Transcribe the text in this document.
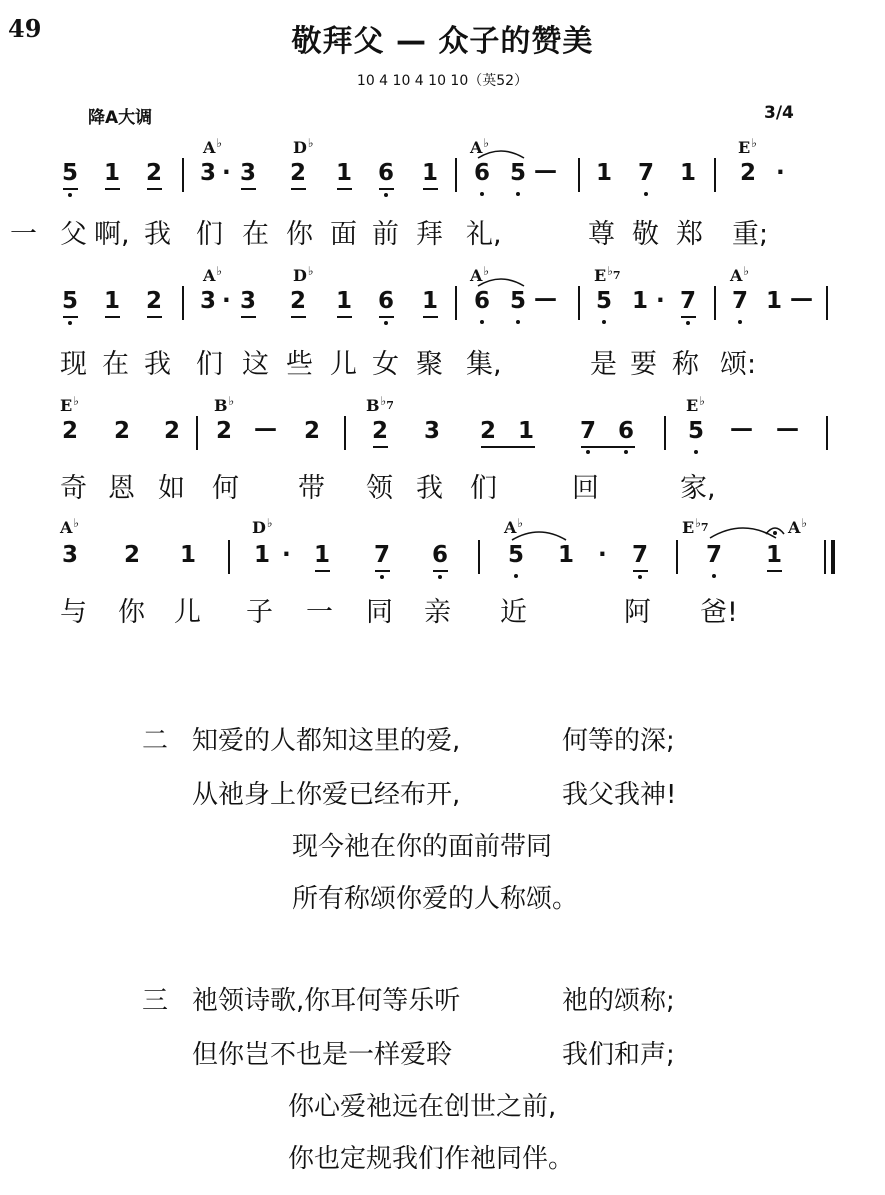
49	敬拜父 — 众子的赞美
10 4 10 4 10 10（英52）
降A大调	3/4
A♭	D♭	A♭	E♭
5 1 2 3 · 3 2 1 6 1 6 5 — 1 7 1 2 ·
一 父 啊, 我 们 在 你 面 前 拜 礼,	尊 敬 郑 重;
A♭	D♭	A♭	$E^{♭_7}$	A♭
5 1 2 3 · 3 2 1 6 1 6 5 — 5 1 · 7 7 1 —
现 在 我 们 这 些 儿 女 聚 集,	是 要 称 颂:
E♭	B♭	$B^{♭_7}$	E♭
2 2 2 2 — 2 2 3 2 1 7 6 5 — —
奇 恩 如 何 带 领 我 们	回	家,
A♭	D♭	A♭	$E^{♭_7}$	A♭
3 2 1	1 · 1 7 6	5 1 · 7	7 1
与 你 儿 子 一 同 亲 近	阿 爸!
二 知爱的人都知这里的爱,	何等的深;
从祂身上你爱已经布开,	我父我神!
现今祂在你的面前带同
所有称颂你爱的人称颂。
三 祂领诗歌,你耳何等乐听	祂的颂称;
但你岂不也是一样爱聆	我们和声;
你心爱祂远在创世之前,
你也定规我们作祂同伴。
